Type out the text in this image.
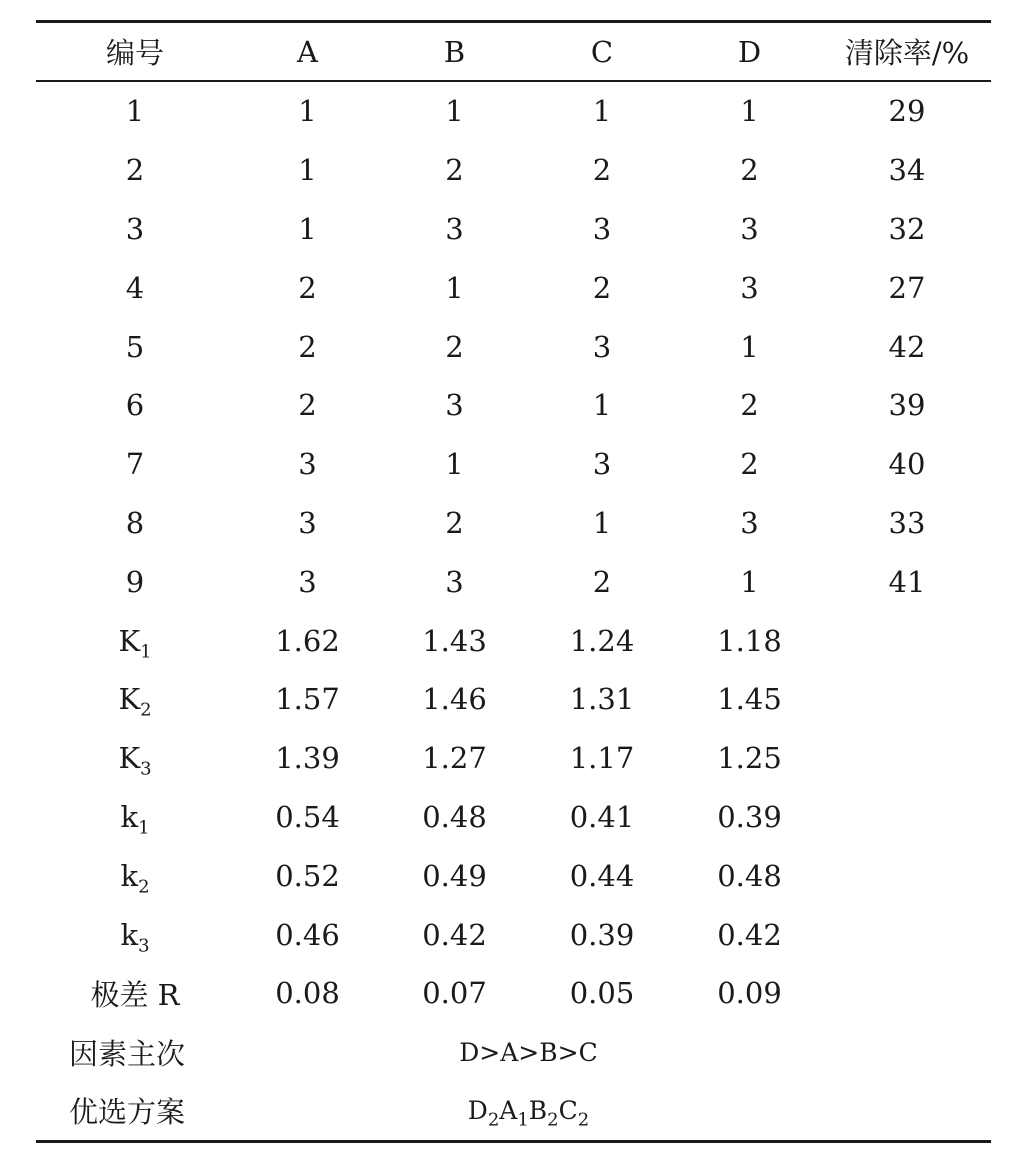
编号	A	B	C	D	清除率/%
1	1	1	1	1	29
2	1	2	2	2	34
3	1	3	3	3	32
4	2	1	2	3	27
5	2	2	3	1	42
6	2	3	1	2	39
7	3	1	3	2	40
8	3	2	1	3	33
9	3	3	2	1	41
$K_1$	1.62	1.43	1.24	1.18	
$K_2$	1.57	1.46	1.31	1.45	
$K_3$	1.39	1.27	1.17	1.25	
$k_1$	0.54	0.48	0.41	0.39	
$k_2$	0.52	0.49	0.44	0.48	
$k_3$	0.46	0.42	0.39	0.42	
极差 R	0.08	0.07	0.05	0.09	
因素主次	D>A>B>C				
优选方案	$D_2A_1B_2C_2$	
